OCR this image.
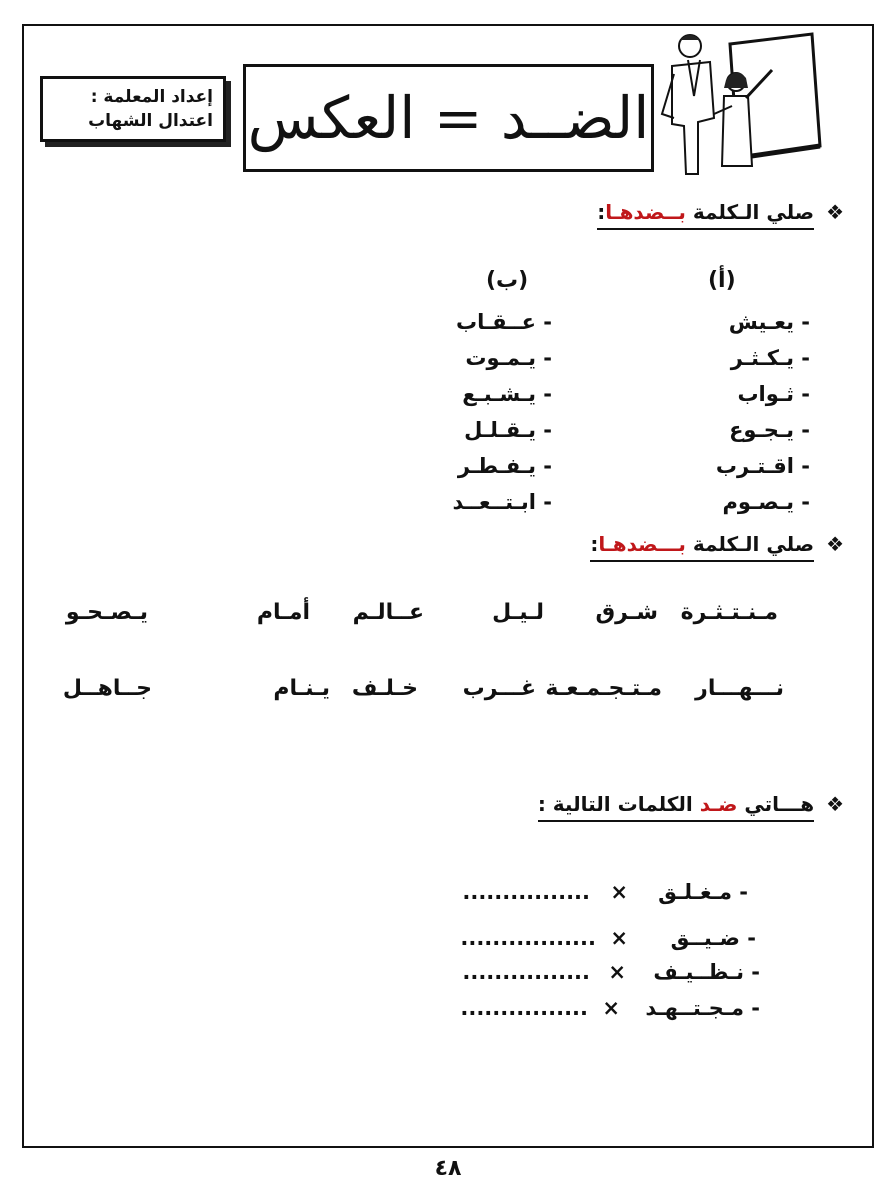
إعداد المعلمة :
اعتدال الشهاب الضــد = العكس
❖
صلي الـكلمة بــضدهـا:
(أ)
(ب)
- يعـيش
- يـكـثـر
- ثـواب
- يـجـوع
- اقـتـرب
- يـصـوم
- عــقـاب
- يـمـوت
- يـشـبـع
- يـقـلـل
- يـفـطـر
- ابـتــعــد
❖
صلي الـكلمة بـــضدهـا:
مـنـتـثـرة
شـرق
لـيـل
عــالـم
أمـام
يـصـحـو
نـــهـــار
مـتـجـمـعـة
غـــرب
خـلـف
يـنـام
جــاهــل
❖
هـــاتي ضـد الكلمات التالية :
- مـغـلـق
×
................
- ضـيــق
×
.................
- نـظــيـف
×
................
- مـجـتــهـد
×
................
٤٨
